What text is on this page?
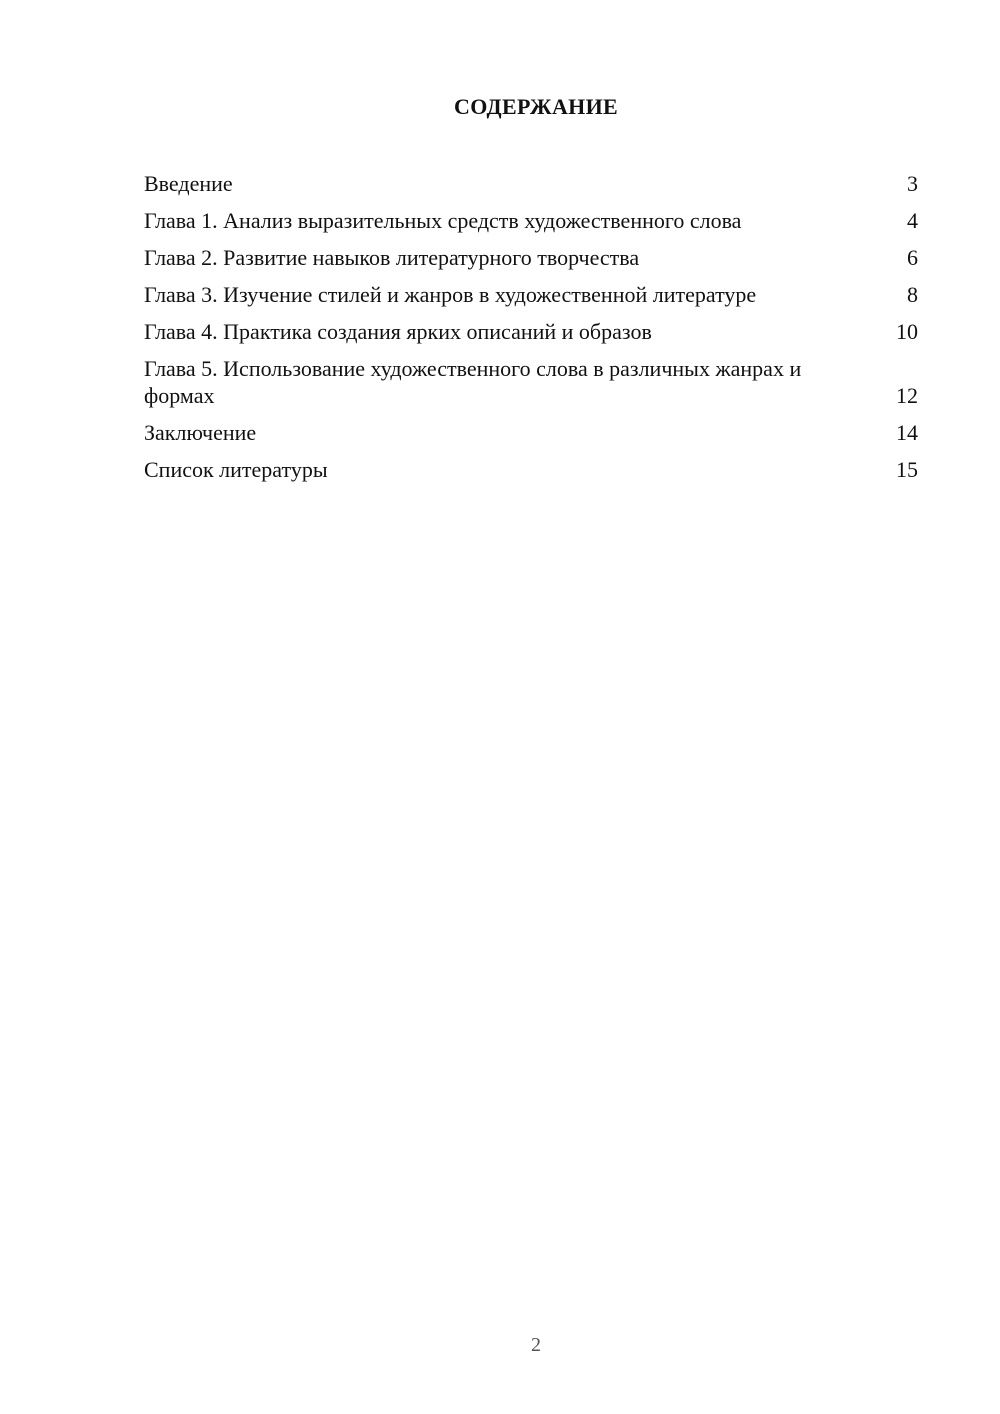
СОДЕРЖАНИЕ
Введение	3
Глава 1. Анализ выразительных средств художественного слова	4
Глава 2. Развитие навыков литературного творчества	6
Глава 3. Изучение стилей и жанров в художественной литературе	8
Глава 4. Практика создания ярких описаний и образов	10
Глава 5. Использование художественного слова в различных жанрах и формах	12
Заключение	14
Список литературы	15
2
